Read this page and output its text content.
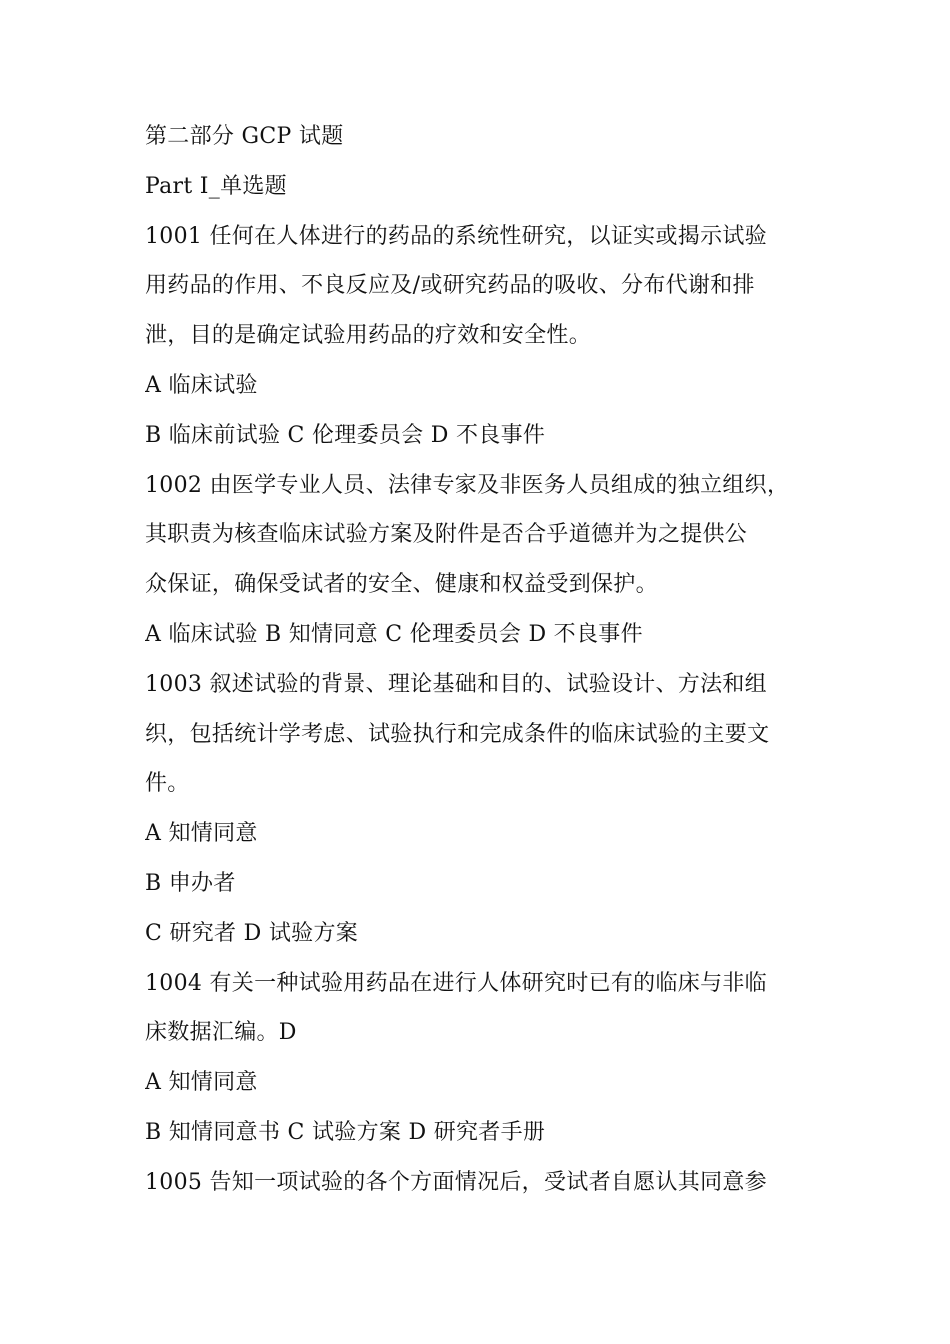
第二部分 GCP 试题
Part I_单选题
1001 任何在人体进行的药品的系统性研究，以证实或揭示试验
用药品的作用、不良反应及/或研究药品的吸收、分布代谢和排
泄，目的是确定试验用药品的疗效和安全性。
A 临床试验
B 临床前试验 C 伦理委员会 D 不良事件
1002 由医学专业人员、法律专家及非医务人员组成的独立组织，
其职责为核查临床试验方案及附件是否合乎道德并为之提供公
众保证，确保受试者的安全、健康和权益受到保护。
A 临床试验 B 知情同意 C 伦理委员会 D 不良事件
1003 叙述试验的背景、理论基础和目的、试验设计、方法和组
织，包括统计学考虑、试验执行和完成条件的临床试验的主要文
件。
A 知情同意
B 申办者
C 研究者 D 试验方案
1004 有关一种试验用药品在进行人体研究时已有的临床与非临
床数据汇编。D
A 知情同意
B 知情同意书 C 试验方案 D 研究者手册
1005 告知一项试验的各个方面情况后，受试者自愿认其同意参
